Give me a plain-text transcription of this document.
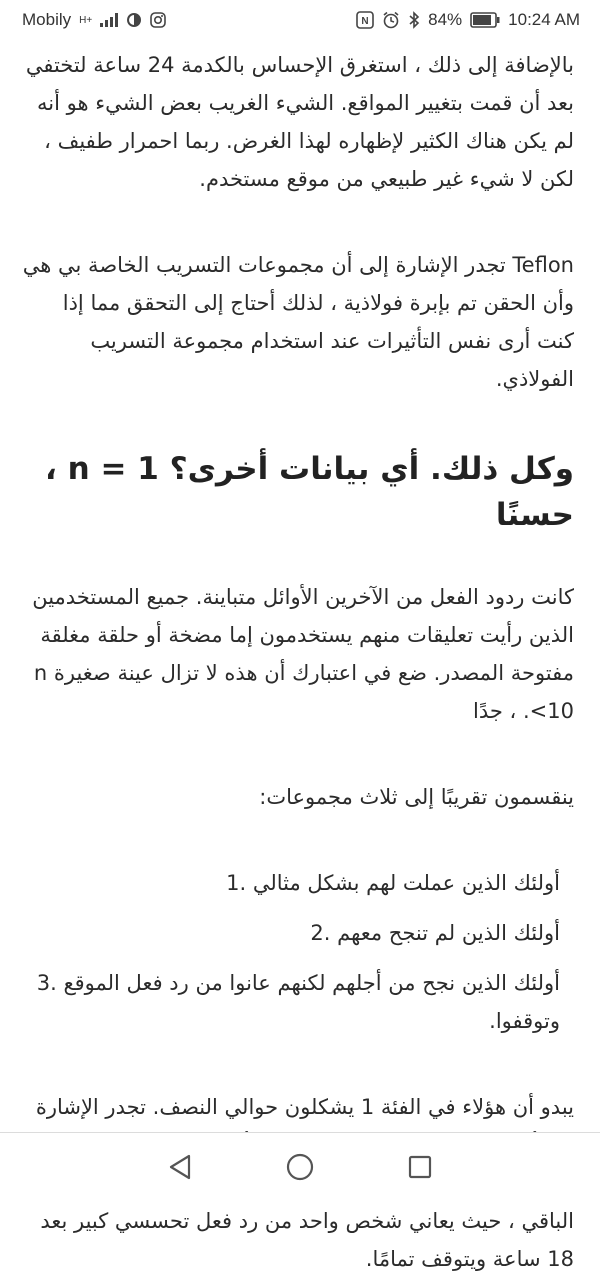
Mobily H+	N	84%	10:24 AM

بالإضافة إلى ذلك ، استغرق الإحساس بالكدمة 24 ساعة لتختفي بعد أن قمت بتغيير المواقع. الشيء الغريب بعض الشيء هو أنه لم يكن هناك الكثير لإظهاره لهذا الغرض. ربما احمرار طفيف ، لكن لا شيء غير طبيعي من موقع مستخدم.

Teflon تجدر الإشارة إلى أن مجموعات التسريب الخاصة بي هي وأن الحقن تم بإبرة فولاذية ، لذلك أحتاج إلى التحقق مما إذا كنت أرى نفس التأثيرات عند استخدام مجموعة التسريب الفولاذي.

وكل ذلك. أي بيانات أخرى؟ n = 1 ، حسنًا

كانت ردود الفعل من الآخرين الأوائل متباينة. جميع المستخدمين الذين رأيت تعليقات منهم يستخدمون إما مضخة أو حلقة مغلقة مفتوحة المصدر. ضع في اعتبارك أن هذه لا تزال عينة صغيرة n <10. ، جدًا

ينقسمون تقريبًا إلى ثلاث مجموعات:

أولئك الذين عملت لهم بشكل مثالي .1
أولئك الذين لم تنجح معهم .2
أولئك الذين نجح من أجلهم لكنهم عانوا من رد فعل الموقع .3 وتوقفوا.

يبدو أن هؤلاء في الفئة 1 يشكلون حوالي النصف. تجدر الإشارة الباقي ، حيث يعاني شخص واحد من رد فعل تحسسي كبير بعد 18 ساعة ويتوقف تمامًا.
